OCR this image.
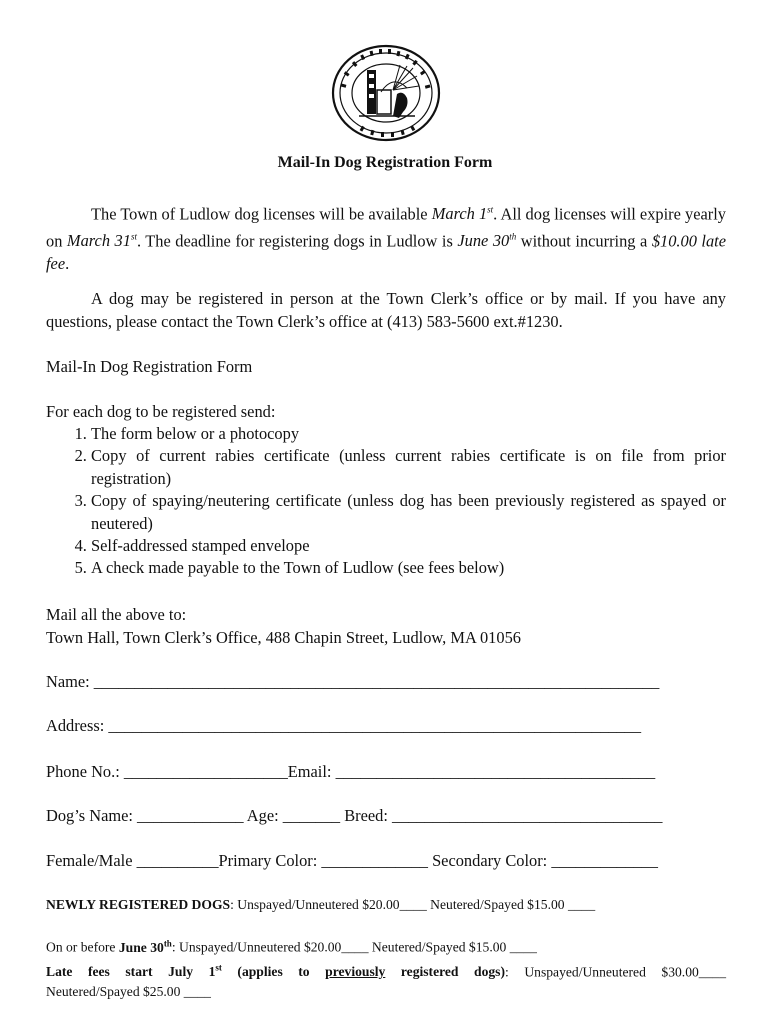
Mail-In Dog Registration Form

The Town of Ludlow dog licenses will be available March 1st. All dog licenses will expire yearly on March 31st. The deadline for registering dogs in Ludlow is June 30th without incurring a $10.00 late fee.

A dog may be registered in person at the Town Clerk’s office or by mail. If you have any questions, please contact the Town Clerk’s office at (413) 583-5600 ext.#1230.

Mail-In Dog Registration Form

For each dog to be registered send:

1. The form below or a photocopy
2. Copy of current rabies certificate (unless current rabies certificate is on file from prior registration)
3. Copy of spaying/neutering certificate (unless dog has been previously registered as spayed or neutered)
4. Self-addressed stamped envelope
5. A check made payable to the Town of Ludlow (see fees below)

Mail all the above to:

Town Hall, Town Clerk’s Office, 488 Chapin Street, Ludlow, MA 01056

Name: _____________________________________________________________________
Address: _________________________________________________________________
Phone No.: ____________________Email: _______________________________________
Dog’s Name: _____________ Age: _______ Breed: _________________________________
Female/Male __________Primary Color: _____________ Secondary Color: _____________
NEWLY REGISTERED DOGS: Unspayed/Unneutered $20.00____ Neutered/Spayed $15.00 ____
On or before June 30th: Unspayed/Unneutered $20.00____ Neutered/Spayed $15.00 ____
Late fees start July 1st (applies to previously registered dogs): Unspayed/Unneutered $30.00____
Neutered/Spayed $25.00 ____
